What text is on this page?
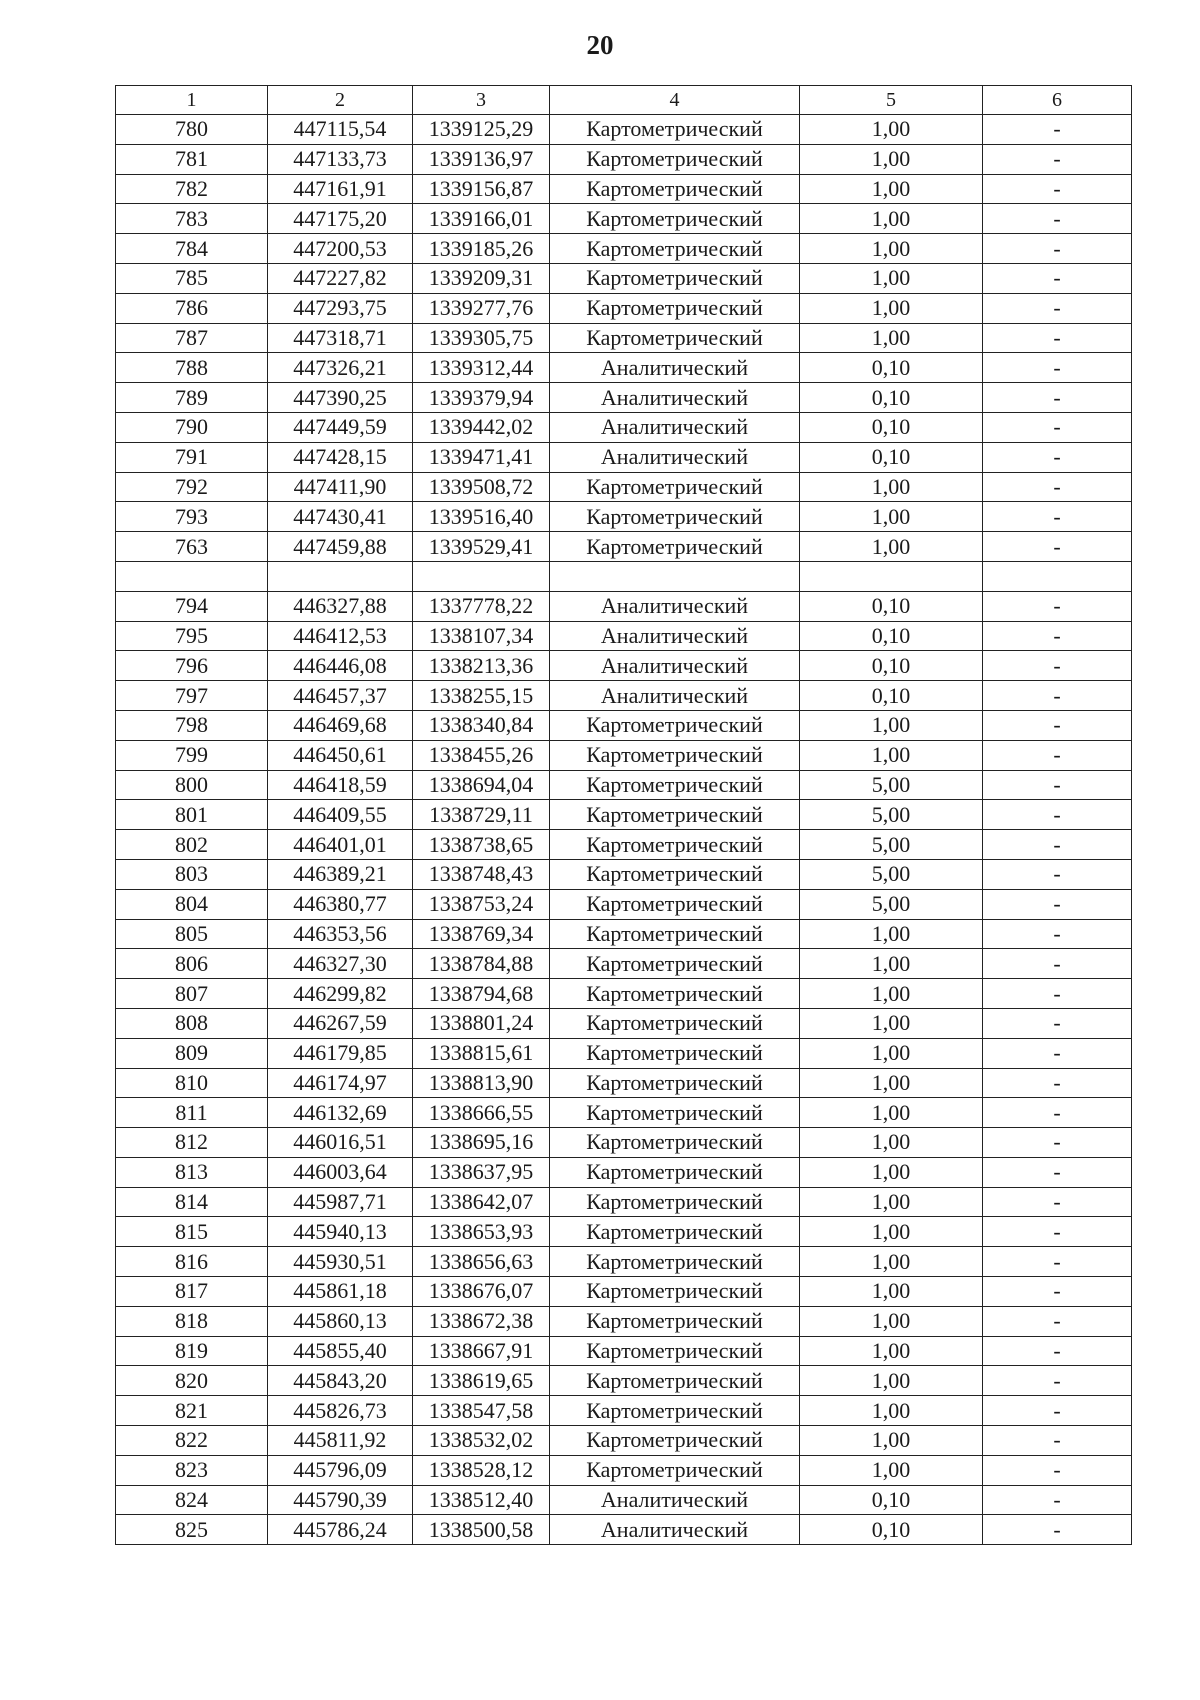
20
1	2	3	4	5	6
780	447115,54	1339125,29	Картометрический	1,00	-
781	447133,73	1339136,97	Картометрический	1,00	-
782	447161,91	1339156,87	Картометрический	1,00	-
783	447175,20	1339166,01	Картометрический	1,00	-
784	447200,53	1339185,26	Картометрический	1,00	-
785	447227,82	1339209,31	Картометрический	1,00	-
786	447293,75	1339277,76	Картометрический	1,00	-
787	447318,71	1339305,75	Картометрический	1,00	-
788	447326,21	1339312,44	Аналитический	0,10	-
789	447390,25	1339379,94	Аналитический	0,10	-
790	447449,59	1339442,02	Аналитический	0,10	-
791	447428,15	1339471,41	Аналитический	0,10	-
792	447411,90	1339508,72	Картометрический	1,00	-
793	447430,41	1339516,40	Картометрический	1,00	-
763	447459,88	1339529,41	Картометрический	1,00	-

794	446327,88	1337778,22	Аналитический	0,10	-
795	446412,53	1338107,34	Аналитический	0,10	-
796	446446,08	1338213,36	Аналитический	0,10	-
797	446457,37	1338255,15	Аналитический	0,10	-
798	446469,68	1338340,84	Картометрический	1,00	-
799	446450,61	1338455,26	Картометрический	1,00	-
800	446418,59	1338694,04	Картометрический	5,00	-
801	446409,55	1338729,11	Картометрический	5,00	-
802	446401,01	1338738,65	Картометрический	5,00	-
803	446389,21	1338748,43	Картометрический	5,00	-
804	446380,77	1338753,24	Картометрический	5,00	-
805	446353,56	1338769,34	Картометрический	1,00	-
806	446327,30	1338784,88	Картометрический	1,00	-
807	446299,82	1338794,68	Картометрический	1,00	-
808	446267,59	1338801,24	Картометрический	1,00	-
809	446179,85	1338815,61	Картометрический	1,00	-
810	446174,97	1338813,90	Картометрический	1,00	-
811	446132,69	1338666,55	Картометрический	1,00	-
812	446016,51	1338695,16	Картометрический	1,00	-
813	446003,64	1338637,95	Картометрический	1,00	-
814	445987,71	1338642,07	Картометрический	1,00	-
815	445940,13	1338653,93	Картометрический	1,00	-
816	445930,51	1338656,63	Картометрический	1,00	-
817	445861,18	1338676,07	Картометрический	1,00	-
818	445860,13	1338672,38	Картометрический	1,00	-
819	445855,40	1338667,91	Картометрический	1,00	-
820	445843,20	1338619,65	Картометрический	1,00	-
821	445826,73	1338547,58	Картометрический	1,00	-
822	445811,92	1338532,02	Картометрический	1,00	-
823	445796,09	1338528,12	Картометрический	1,00	-
824	445790,39	1338512,40	Аналитический	0,10	-
825	445786,24	1338500,58	Аналитический	0,10	-
